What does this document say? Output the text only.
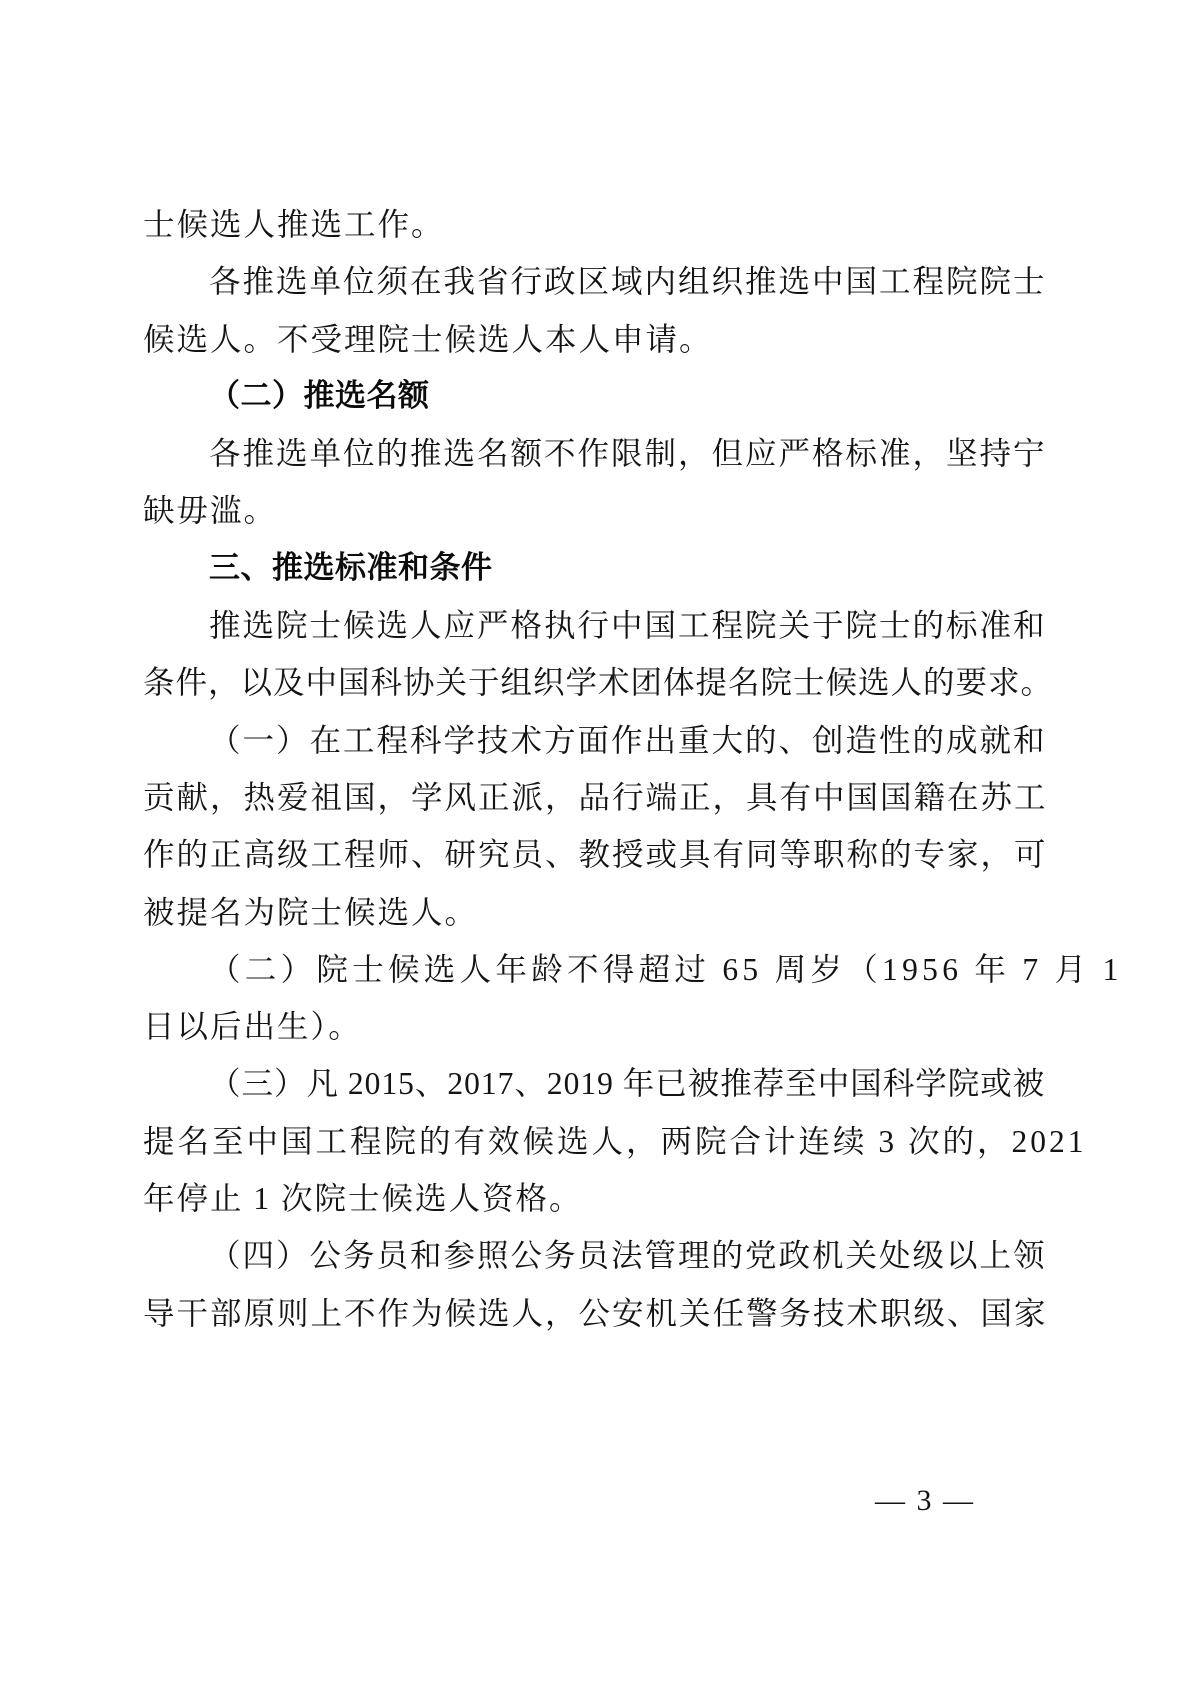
士候选人推选工作。
各推选单位须在我省行政区域内组织推选中国工程院院士
候选人。不受理院士候选人本人申请。
（二）推选名额
各推选单位的推选名额不作限制，但应严格标准，坚持宁
缺毋滥。
三、推选标准和条件
推选院士候选人应严格执行中国工程院关于院士的标准和
条件，以及中国科协关于组织学术团体提名院士候选人的要求。
（一）在工程科学技术方面作出重大的、创造性的成就和
贡献，热爱祖国，学风正派，品行端正，具有中国国籍在苏工
作的正高级工程师、研究员、教授或具有同等职称的专家，可
被提名为院士候选人。
（二）院士候选人年龄不得超过 65 周岁（1956 年 7 月 1
日以后出生）。
（三）凡 2015、2017、2019 年已被推荐至中国科学院或被
提名至中国工程院的有效候选人，两院合计连续 3 次的，2021
年停止 1 次院士候选人资格。
（四）公务员和参照公务员法管理的党政机关处级以上领
导干部原则上不作为候选人，公安机关任警务技术职级、国家
— 3 —
